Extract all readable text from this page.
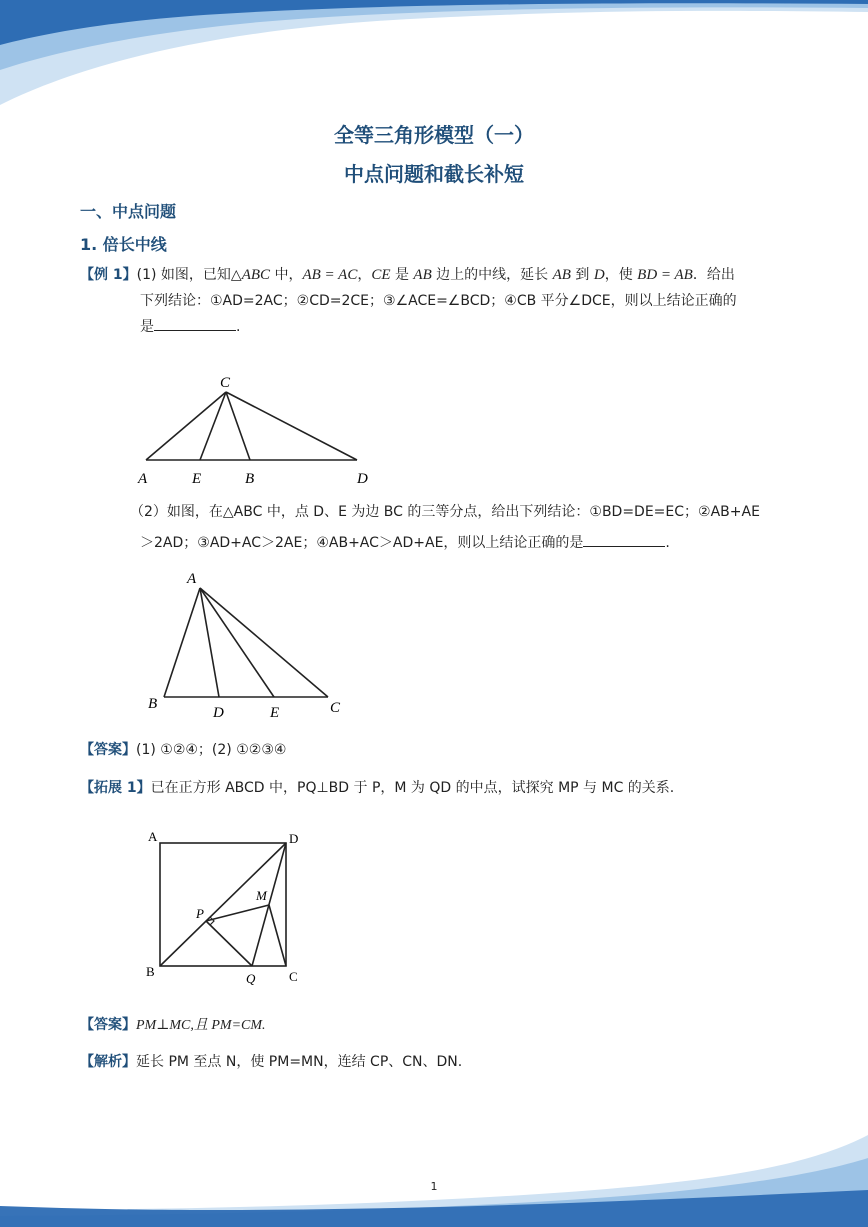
全等三角形模型（一）
中点问题和截长补短
一、中点问题
1. 倍长中线
【例 1】(1) 如图，已知△ABC 中，AB = AC，CE 是 AB 边上的中线，延长 AB 到 D，使 BD = AB．给出
下列结论：①AD=2AC；②CD=2CE；③∠ACE=∠BCD；④CB 平分∠DCE，则以上结论正确的
是	.
C
A	E	B	D
（2）如图，在△ABC 中，点 D、E 为边 BC 的三等分点，给出下列结论：①BD=DE=EC；②AB+AE
＞2AD；③AD+AC＞2AE；④AB+AC＞AD+AE，则以上结论正确的是	.
A
B
D	E	C
【答案】(1) ①②④；(2) ①②③④
【拓展 1】已在正方形 ABCD 中，PQ⊥BD 于 P，M 为 QD 的中点，试探究 MP 与 MC 的关系.
A	D
B	C
P
M
Q
【答案】PM⊥MC,且 PM=CM.
【解析】延长 PM 至点 N，使 PM=MN，连结 CP、CN、DN.
1
